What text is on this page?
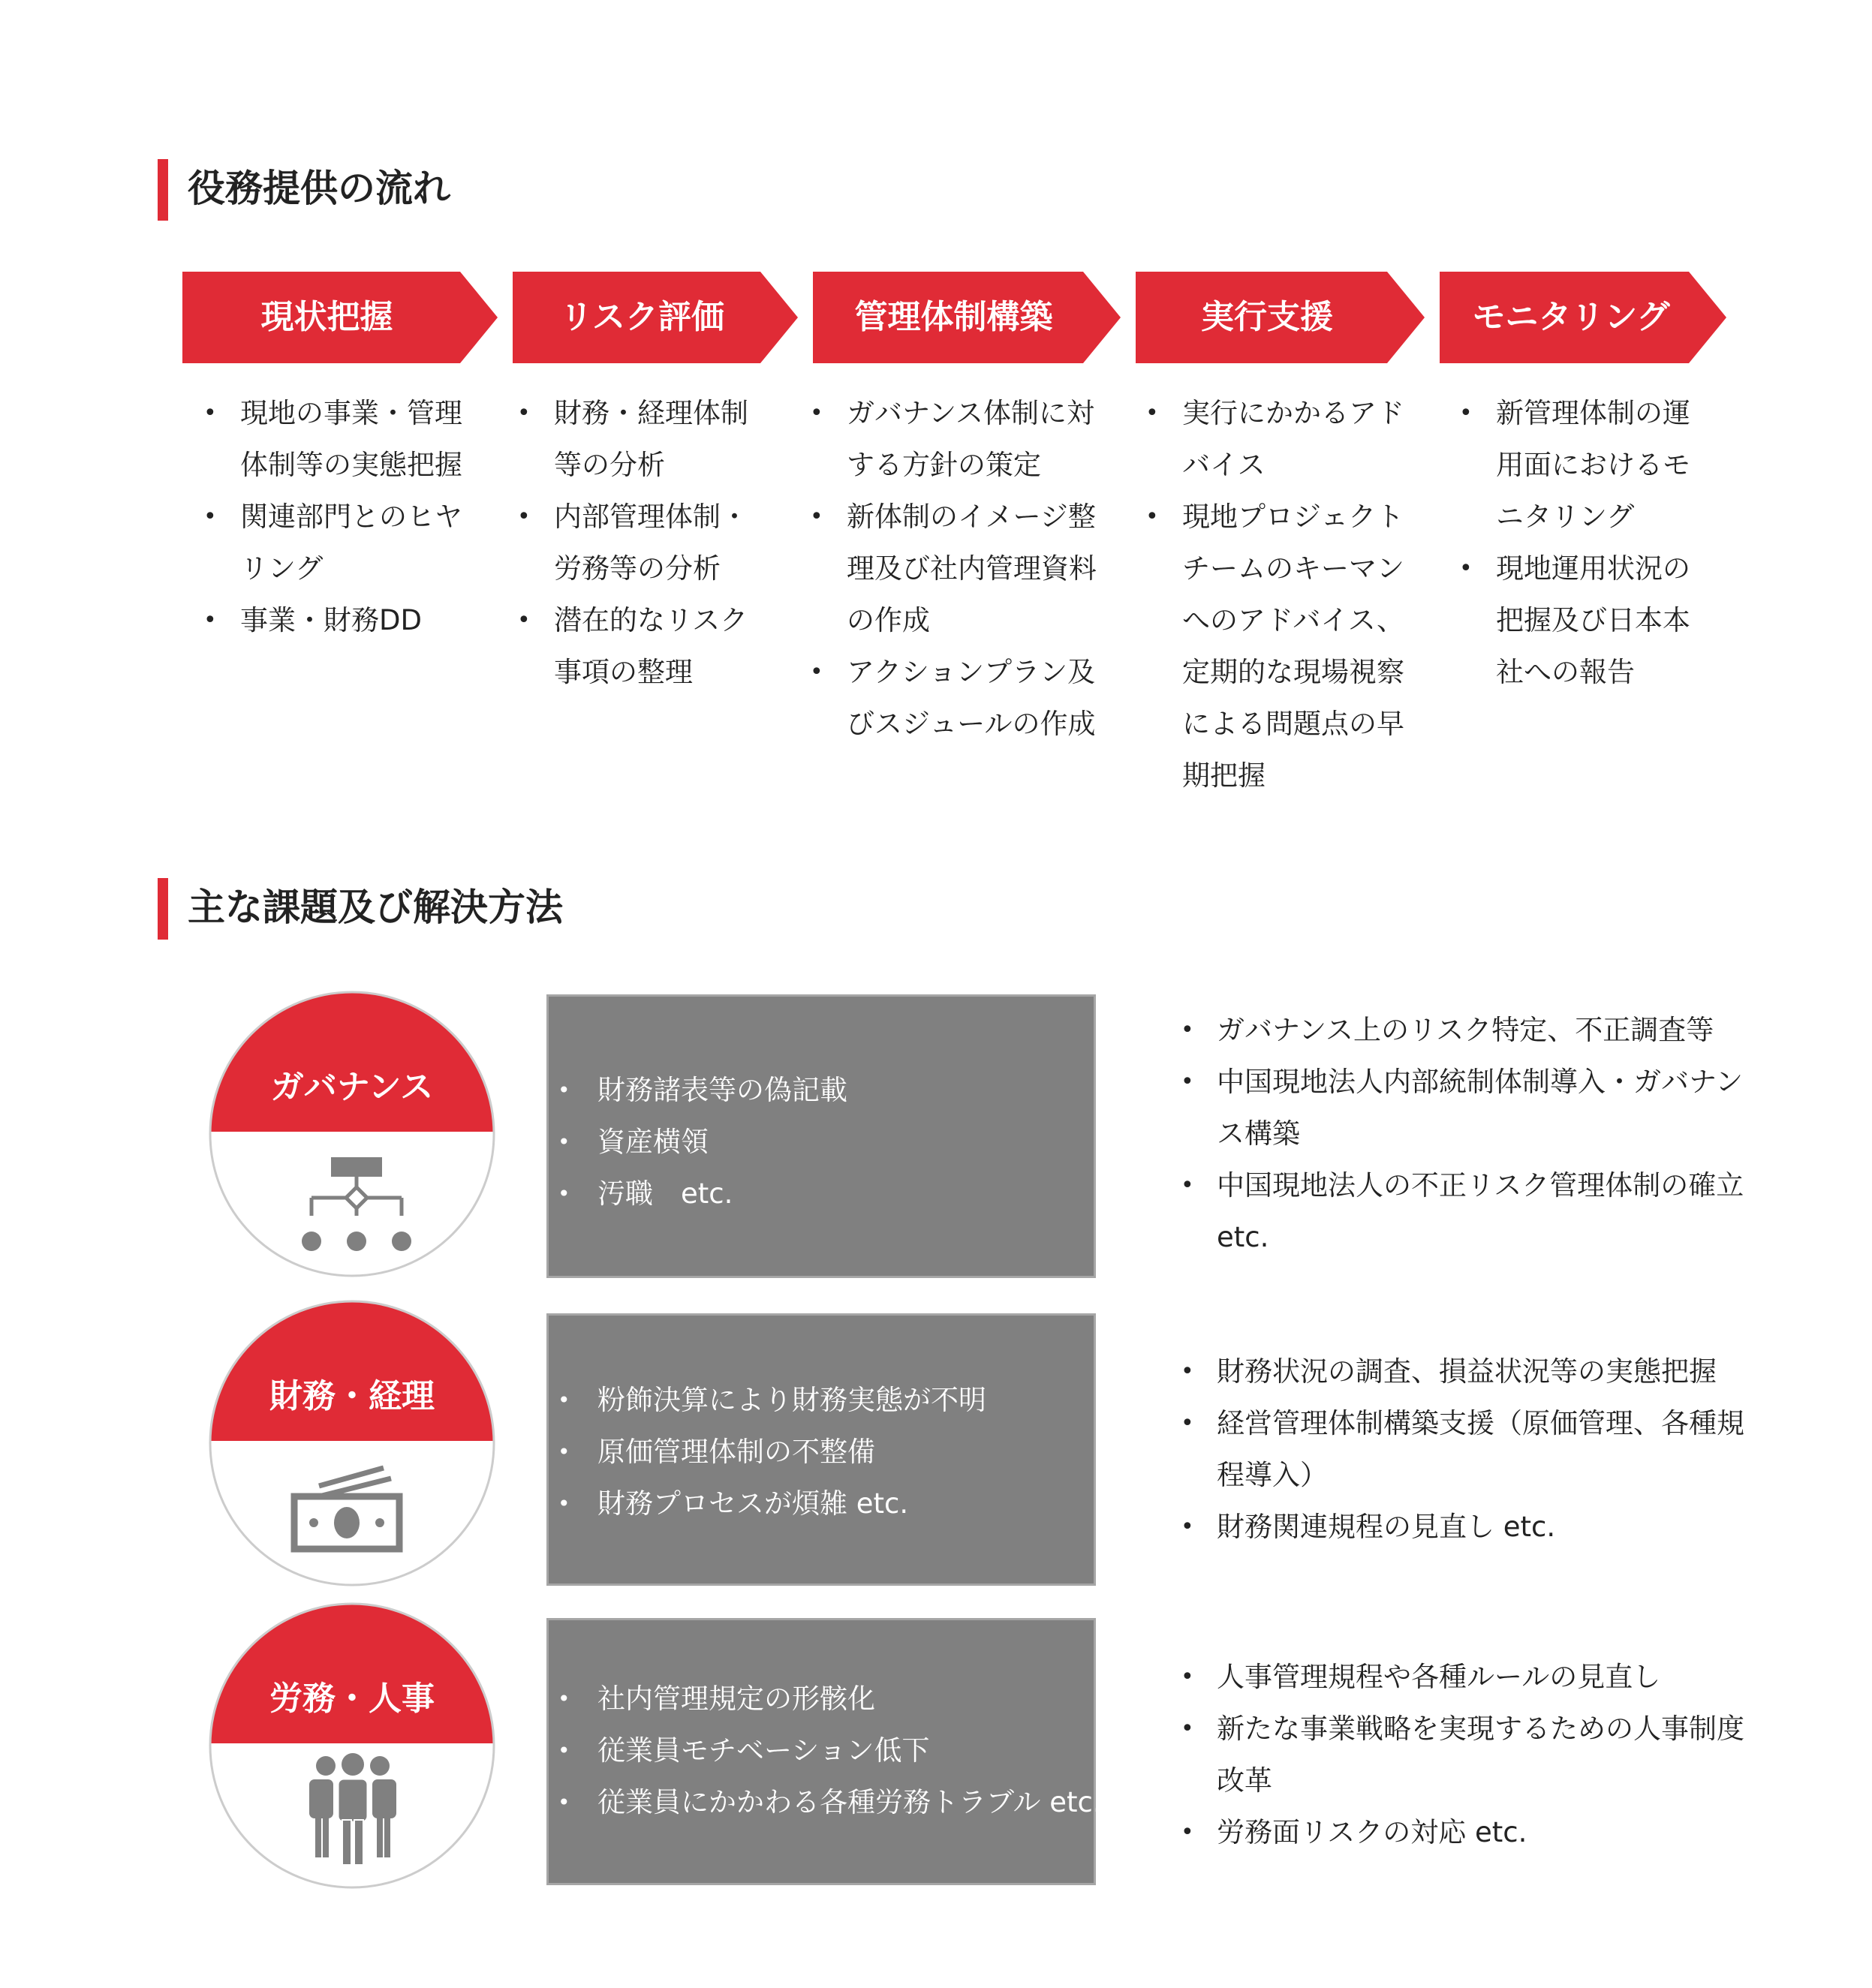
役務提供の流れ
現状把握	リスク評価	管理体制構築	実行支援	モニタリング
• 現地の事業・管理体制等の実態把握
• 関連部門とのヒヤリング
• 事業・財務DD
• 財務・経理体制等の分析
• 内部管理体制・労務等の分析
• 潜在的なリスク事項の整理
• ガバナンス体制に対する方針の策定
• 新体制のイメージ整理及び社内管理資料の作成
• アクションプラン及びスジュールの作成
• 実行にかかるアドバイス
• 現地プロジェクトチームのキーマンへのアドバイス、定期的な現場視察による問題点の早期把握
• 新管理体制の運用面におけるモニタリング
• 現地運用状況の把握及び日本本社への報告
主な課題及び解決方法
ガバナンス	• 財務諸表等の偽記載
• 資産横領
• 汚職　etc.
• ガバナンス上のリスク特定、不正調査等
• 中国現地法人内部統制体制導入・ガバナンス構築
• 中国現地法人の不正リスク管理体制の確立 etc.
財務・経理	• 粉飾決算により財務実態が不明
• 原価管理体制の不整備
• 財務プロセスが煩雑 etc.
• 財務状況の調査、損益状況等の実態把握
• 経営管理体制構築支援（原価管理、各種規程導入）
• 財務関連規程の見直し etc.
労務・人事	• 社内管理規定の形骸化
• 従業員モチベーション低下
• 従業員にかかわる各種労務トラブル etc.
• 人事管理規程や各種ルールの見直し
• 新たな事業戦略を実現するための人事制度改革
• 労務面リスクの対応 etc.
